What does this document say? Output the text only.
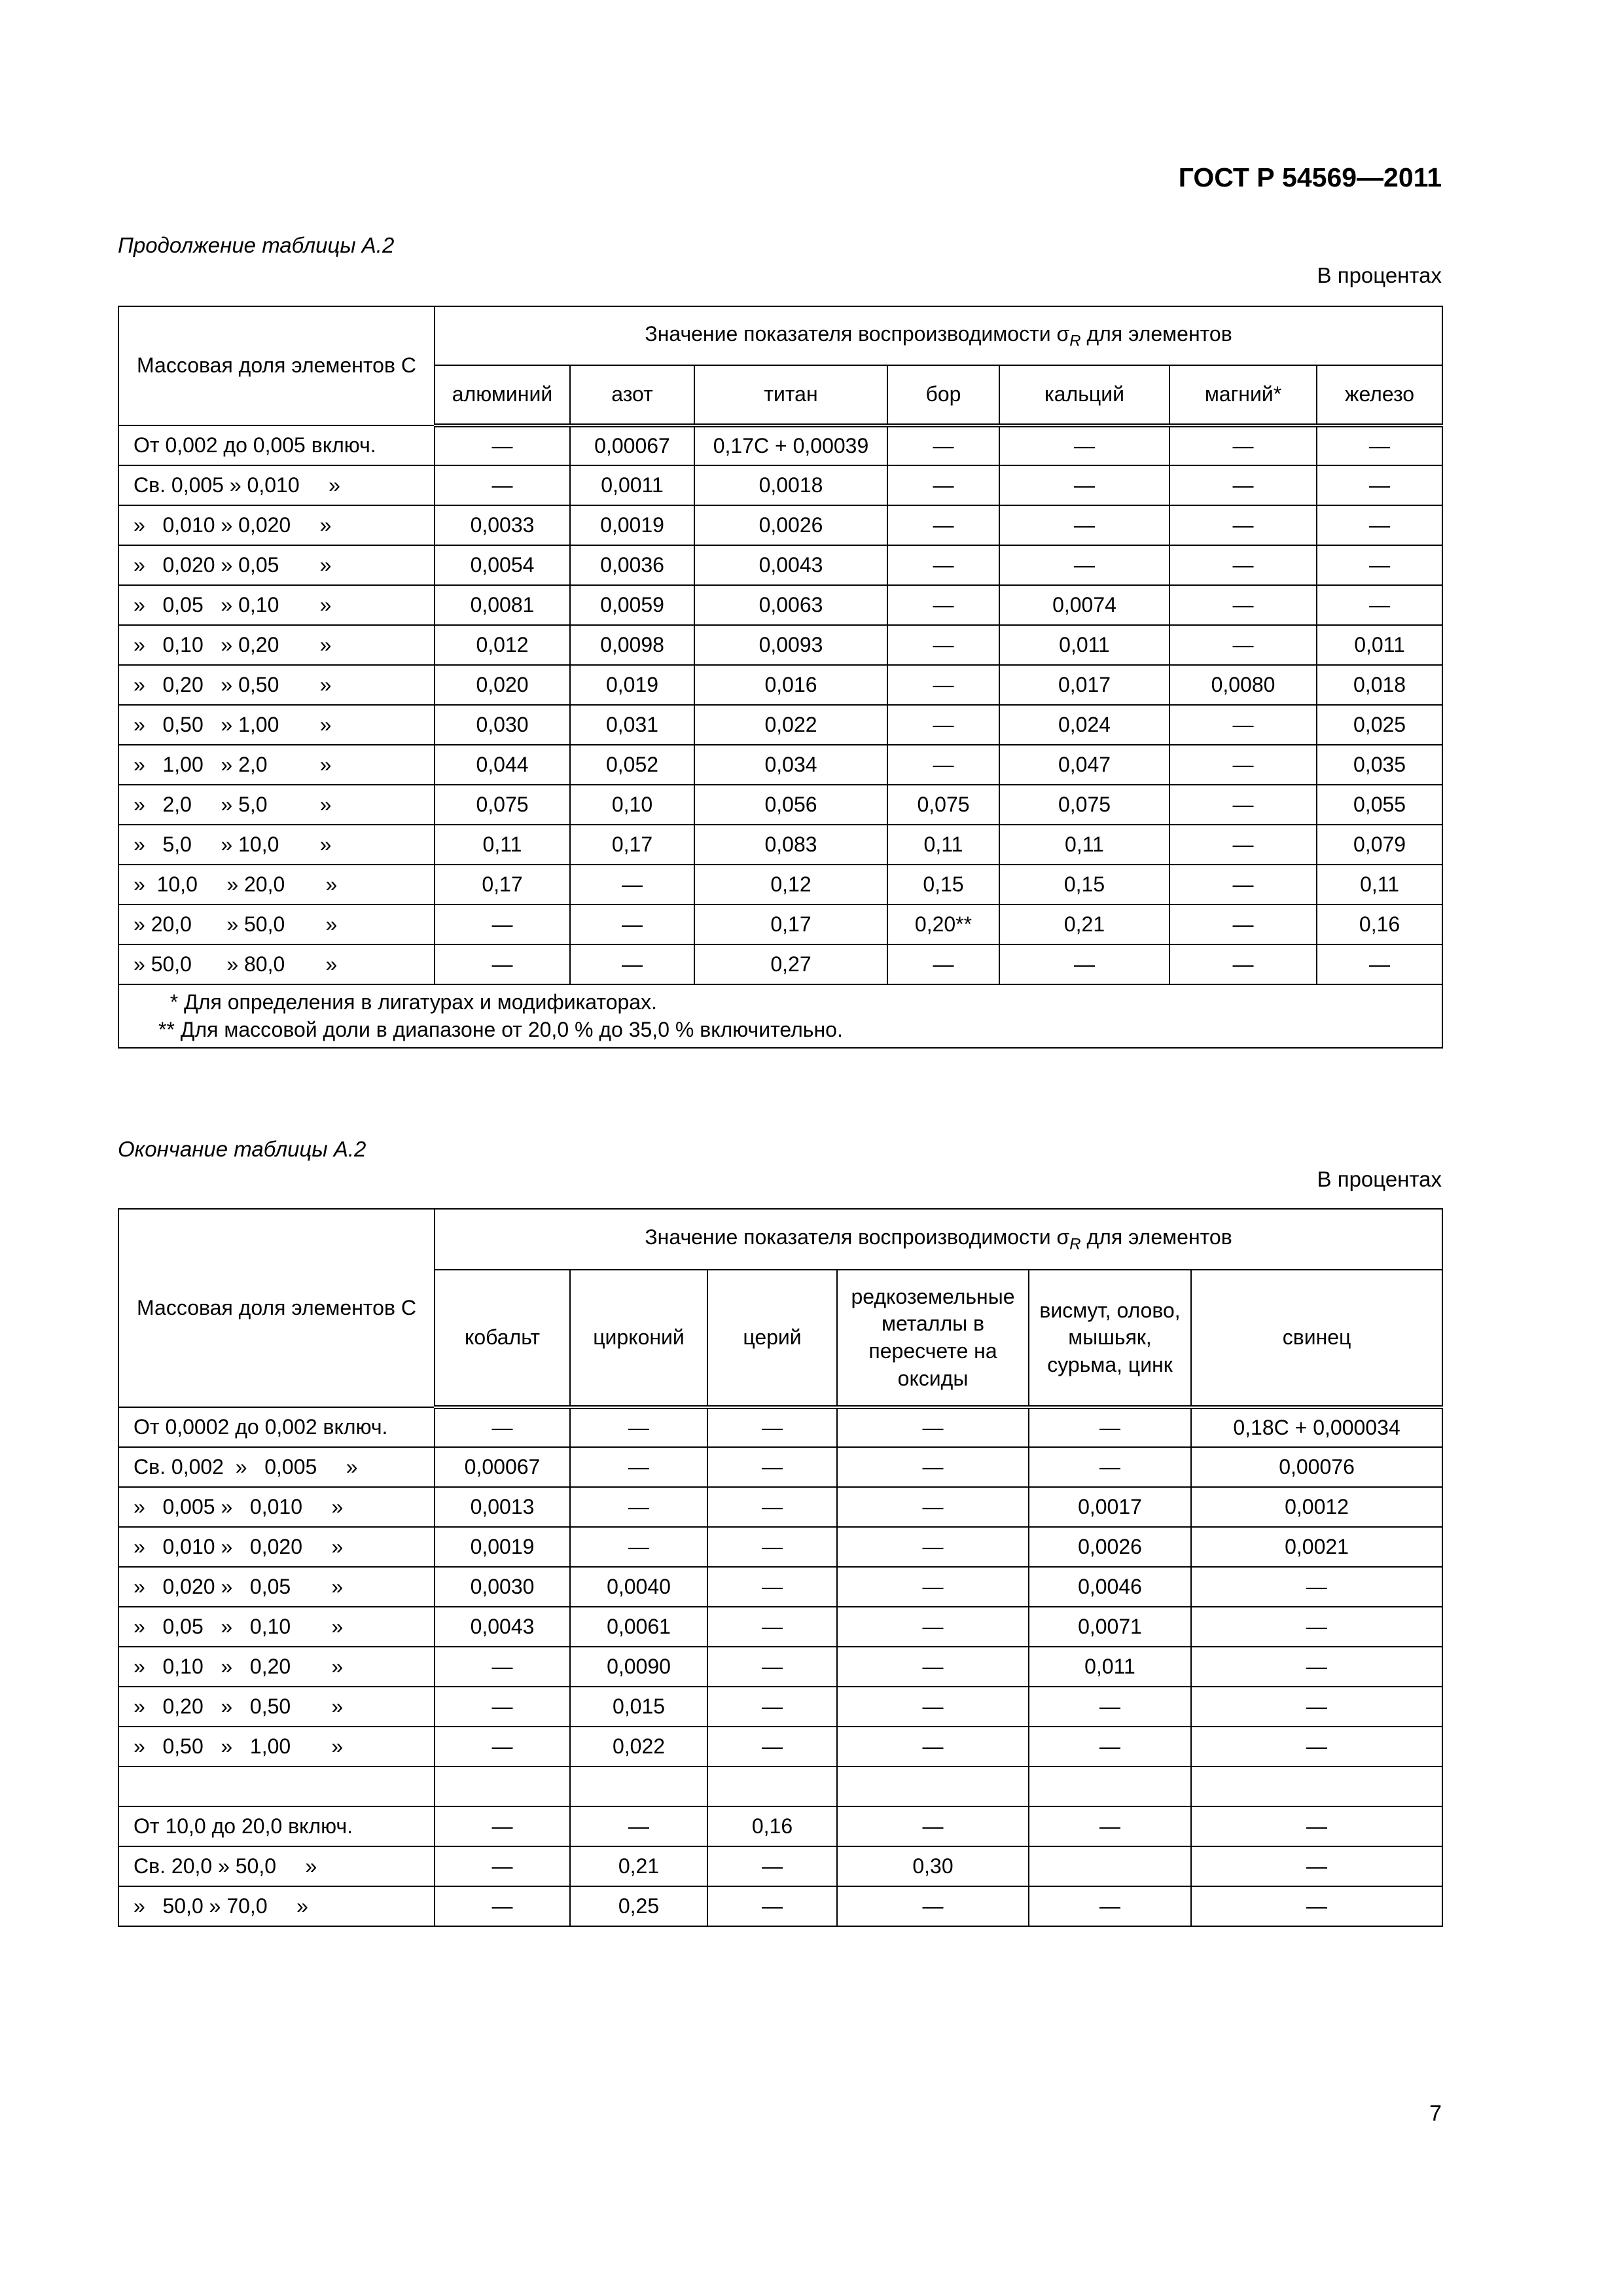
ГОСТ Р 54569—2011
Продолжение таблицы А.2
В процентах
Массовая доля элементов C	Значение показателя воспроизводимости $\sigma_R$ для элементов						
	алюминий	азот	титан	бор	кальций	магний*	железо
От 0,002 до 0,005 включ.	—	0,00067	0,17C + 0,00039	—	—	—	—
Св. 0,005 » 0,010     »	—	0,0011	0,0018	—	—	—	—
»   0,010 » 0,020     »	0,0033	0,0019	0,0026	—	—	—	—
»   0,020 » 0,05       »	0,0054	0,0036	0,0043	—	—	—	—
»   0,05   » 0,10       »	0,0081	0,0059	0,0063	—	0,0074	—	—
»   0,10   » 0,20       »	0,012	0,0098	0,0093	—	0,011	—	0,011
»   0,20   » 0,50       »	0,020	0,019	0,016	—	0,017	0,0080	0,018
»   0,50   » 1,00       »	0,030	0,031	0,022	—	0,024	—	0,025
»   1,00   » 2,0         »	0,044	0,052	0,034	—	0,047	—	0,035
»   2,0     » 5,0         »	0,075	0,10	0,056	0,075	0,075	—	0,055
»   5,0     » 10,0       »	0,11	0,17	0,083	0,11	0,11	—	0,079
»  10,0     » 20,0       »	0,17	—	0,12	0,15	0,15	—	0,11
» 20,0      » 50,0       »	—	—	0,17	0,20**	0,21	—	0,16
» 50,0      » 80,0       »	—	—	0,27	—	—	—	—

* Для определения в лигатурах и модификаторах.
** Для массовой доли в диапазоне от 20,0 % до 35,0 % включительно.							
Окончание таблицы А.2
В процентах
Массовая доля элементов C	Значение показателя воспроизводимости $\sigma_R$ для элементов					
	кобальт	цирконий	церий	редкоземельные металлы в пересчете на оксиды	висмут, олово, мышьяк, сурьма, цинк	свинец
От 0,0002 до 0,002 включ.	—	—	—	—	—	0,18C + 0,000034
Св. 0,002  »   0,005     »	0,00067	—	—	—	—	0,00076
»   0,005 »   0,010     »	0,0013	—	—	—	0,0017	0,0012
»   0,010 »   0,020     »	0,0019	—	—	—	0,0026	0,0021
»   0,020 »   0,05       »	0,0030	0,0040	—	—	0,0046	—
»   0,05   »   0,10       »	0,0043	0,0061	—	—	0,0071	—
»   0,10   »   0,20       »	—	0,0090	—	—	0,011	—
»   0,20   »   0,50       »	—	0,015	—	—	—	—
»   0,50   »   1,00       »	—	0,022	—	—	—	—

От 10,0 до 20,0 включ.	—	—	0,16	—	—	—
Св. 20,0 » 50,0     »	—	0,21	—	0,30		—
»   50,0 » 70,0     »	—	0,25	—	—	—	—
7
